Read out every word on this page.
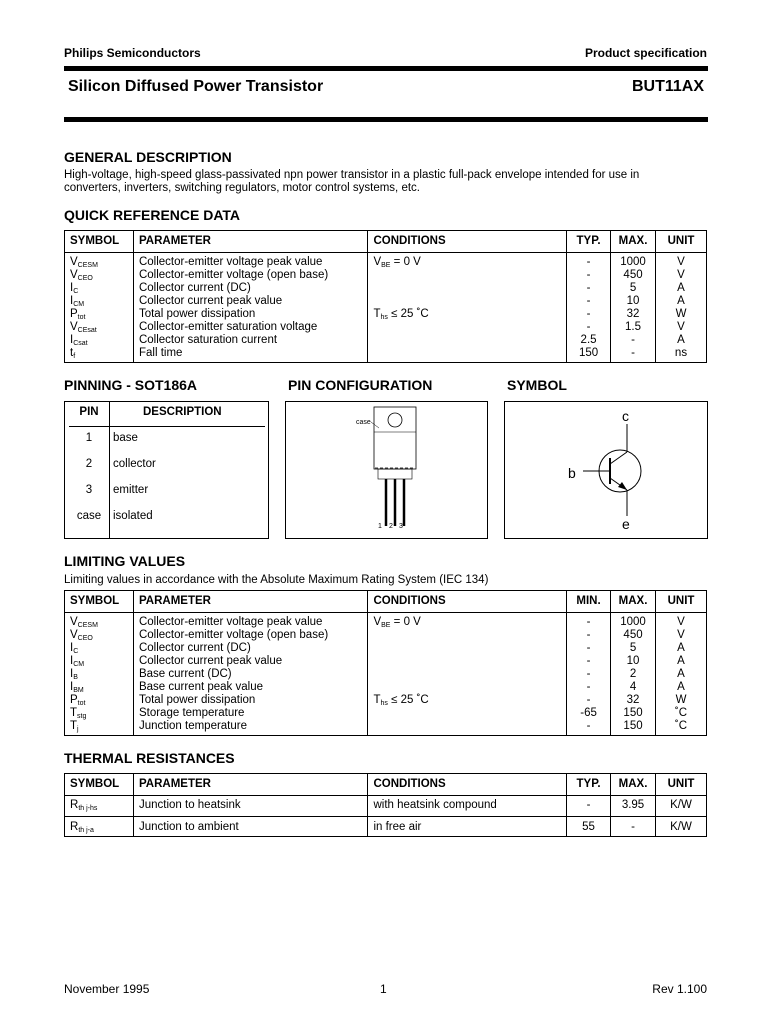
Philips Semiconductors	Product specification
Silicon Diffused Power Transistor	BUT11AX
GENERAL DESCRIPTION
High-voltage, high-speed glass-passivated npn power transistor in a plastic full-pack envelope intended for use in
converters, inverters, switching regulators, motor control systems, etc.
QUICK REFERENCE DATA
SYMBOL	PARAMETER	CONDITIONS	TYP.	MAX.	UNIT
$V_{CESM}$	Collector-emitter voltage peak value	$V_{BE} = 0$ V	-	1000	V
$V_{CEO}$	Collector-emitter voltage (open base)		-	450	V
$I_C$	Collector current (DC)		-	5	A
$I_{CM}$	Collector current peak value		-	10	A
$P_{tot}$	Total power dissipation	$T_{hs} \le 25$ ˚C	-	32	W
$V_{CEsat}$	Collector-emitter saturation voltage		-	1.5	V
$I_{Csat}$	Collector saturation current		2.5	-	A
$t_f$	Fall time		150	-	ns
PINNING - SOT186A	PIN CONFIGURATION	SYMBOL
PIN	DESCRIPTION
1	base
2	collector
3	emitter
case	isolated
case
1 2 3
c
b
e
LIMITING VALUES
Limiting values in accordance with the Absolute Maximum Rating System (IEC 134)
SYMBOL	PARAMETER	CONDITIONS	MIN.	MAX.	UNIT
$V_{CESM}$	Collector-emitter voltage peak value	$V_{BE} = 0$ V	-	1000	V
$V_{CEO}$	Collector-emitter voltage (open base)		-	450	V
$I_C$	Collector current (DC)		-	5	A
$I_{CM}$	Collector current peak value		-	10	A
$I_B$	Base current (DC)		-	2	A
$I_{BM}$	Base current peak value		-	4	A
$P_{tot}$	Total power dissipation	$T_{hs} \le 25$ ˚C	-	32	W
$T_{stg}$	Storage temperature		-65	150	˚C
$T_j$	Junction temperature		-	150	˚C
THERMAL RESISTANCES
SYMBOL	PARAMETER	CONDITIONS	TYP.	MAX.	UNIT
$R_{th j-hs}$	Junction to heatsink	with heatsink compound	-	3.95	K/W
$R_{th j-a}$	Junction to ambient	in free air	55	-	K/W
November 1995	1	Rev 1.100
